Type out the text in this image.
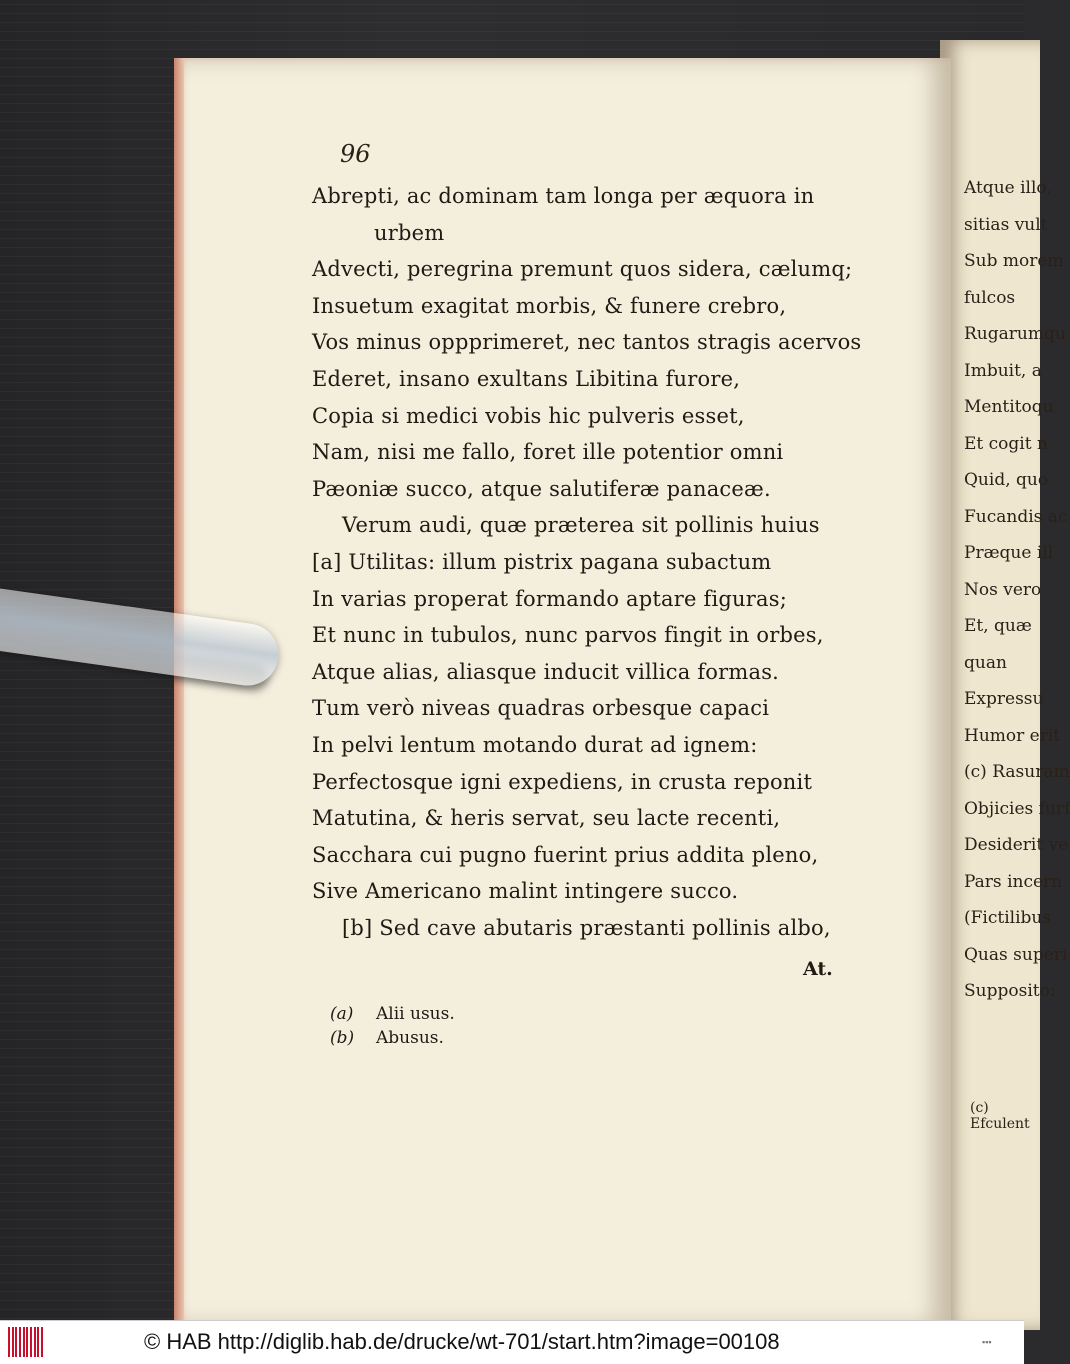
Atque illo,
sitias vult
Sub morem
fulcos
Rugarumqu
Imbuit, a
Mentitoqu
Et cogit n
Quid, quo
Fucandis ac
Præque ill
Nos vero
Et, quæ
quan
Expressu
Humor erit
(c) Rasuram
Objicies furf
Desiderit ve
Pars incern
(Fictilibus
Quas superi
Supposito:
(c) Efculent
96
Abrepti, ac dominam tam longa per æquora in
urbem
Advecti, peregrina premunt quos sidera, cælumq;
Insuetum exagitat morbis, & funere crebro,
Vos minus oppprimeret, nec tantos stragis acervos
Ederet, insano exultans Libitina furore,
Copia si medici vobis hic pulveris esset,
Nam, nisi me fallo, foret ille potentior omni
Pæoniæ succo, atque salutiferæ panaceæ.
Verum audi, quæ præterea sit pollinis huius
[a] Utilitas: illum pistrix pagana subactum
In varias properat formando aptare figuras;
Et nunc in tubulos, nunc parvos fingit in orbes,
Atque alias, aliasque inducit villica formas.
Tum verò niveas quadras orbesque capaci
In pelvi lentum motando durat ad ignem:
Perfectosque igni expediens, in crusta reponit
Matutina, & heris servat, seu lacte recenti,
Sacchara cui pugno fuerint prius addita pleno,
Sive Americano malint intingere succo.
[b] Sed cave abutaris præstanti pollinis albo,
At.
(a) Alii usus.
(b) Abusus.
© HAB http://diglib.hab.de/drucke/wt-701/start.htm?image=00108	▪▪▪
